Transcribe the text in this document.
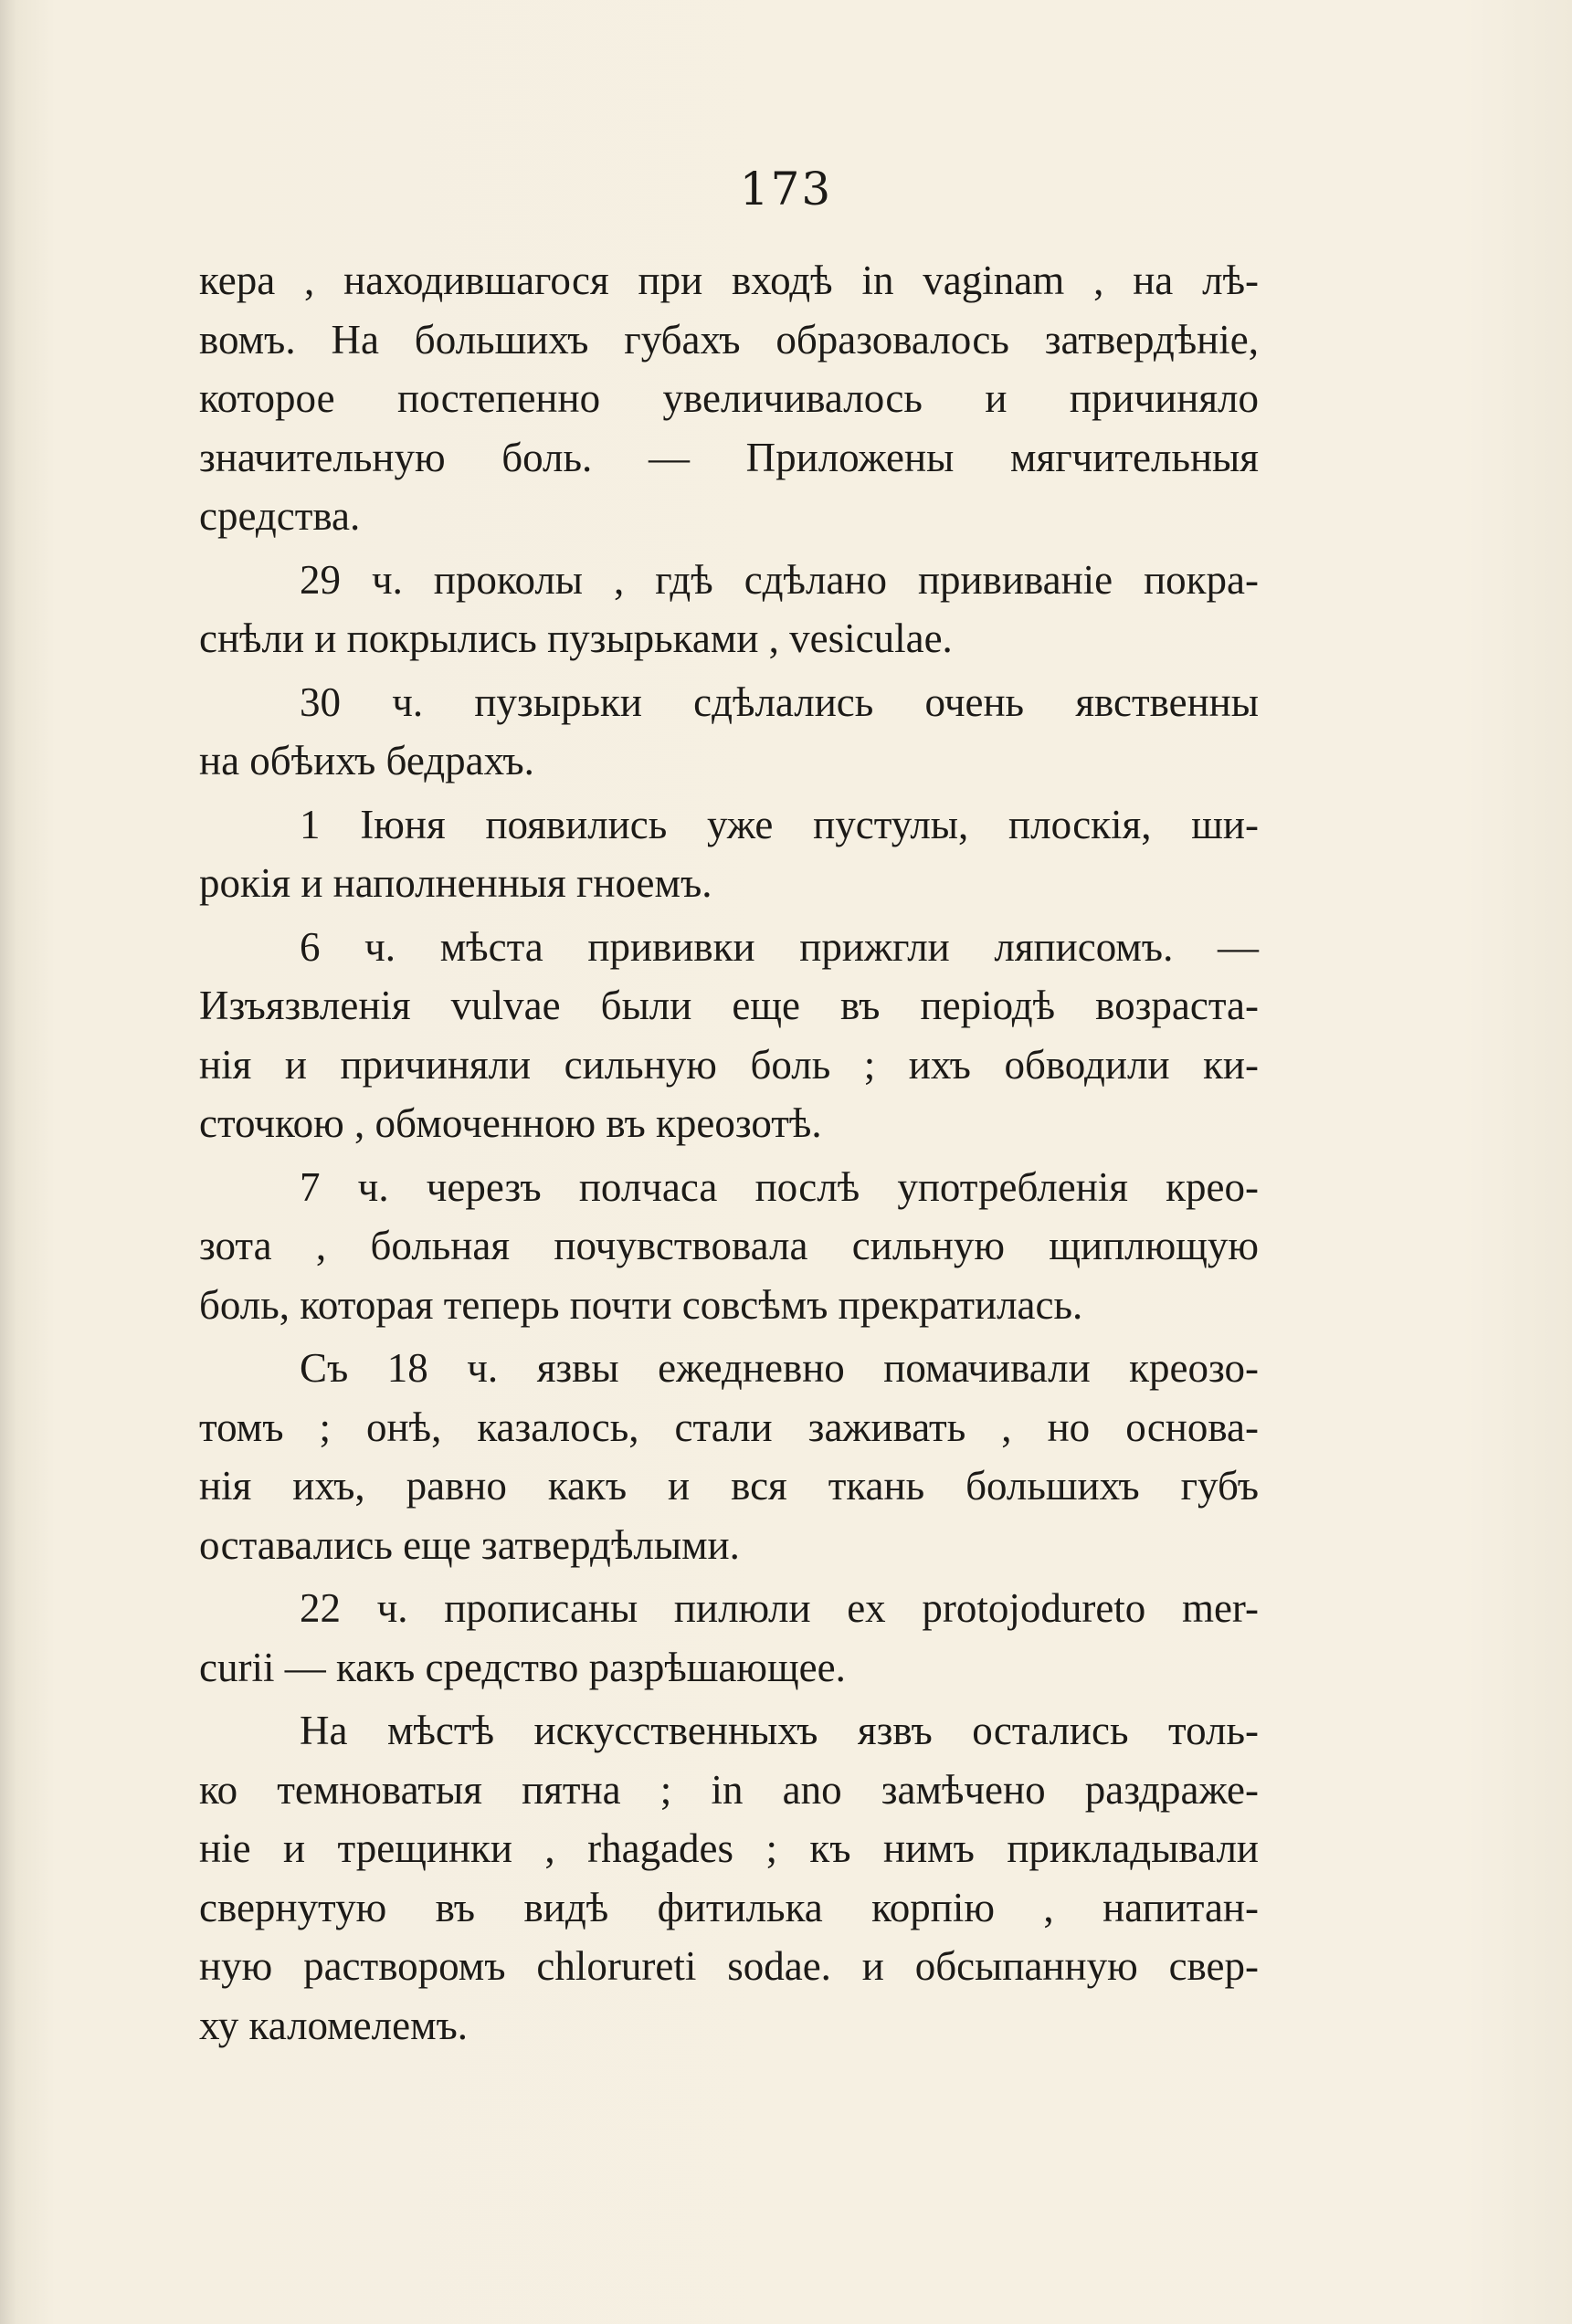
173
кера , находившагося при входѣ in vaginam , на лѣ-
вомъ. На большихъ губахъ образовалось затвердѣніе,
которое постепенно увеличивалось и причиняло
значительную боль. — Приложены мягчительныя
средства.
29 ч. проколы , гдѣ сдѣлано прививаніе покра-
снѣли и покрылись пузырьками , vesiculae.
30 ч. пузырьки сдѣлались очень явственны
на обѣихъ бедрахъ.
1 Іюня появились уже пустулы, плоскія, ши-
рокія и наполненныя гноемъ.
6 ч. мѣста прививки прижгли ляписомъ. —
Изъязвленія vulvae были еще въ періодѣ возраста-
нія и причиняли сильную боль ; ихъ обводили ки-
сточкою , обмоченною въ креозотѣ.
7 ч. черезъ полчаса послѣ употребленія крео-
зота , больная почувствовала сильную щиплющую
боль, которая теперь почти совсѣмъ прекратилась.
Съ 18 ч. язвы ежедневно помачивали креозо-
томъ ; онѣ, казалось, стали заживать , но основа-
нія ихъ, равно какъ и вся ткань большихъ губъ
оставались еще затвердѣлыми.
22 ч. прописаны пилюли ex protojodureto mer-
curii — какъ средство разрѣшающее.
На мѣстѣ искусственныхъ язвъ остались толь-
ко темноватыя пятна ; in ano замѣчено раздраже-
ніе и трещинки , rhagades ; къ нимъ прикладывали
свернутую въ видѣ фитилька корпію , напитан-
ную растворомъ chlorureti sodae. и обсыпанную свер-
ху каломелемъ.
